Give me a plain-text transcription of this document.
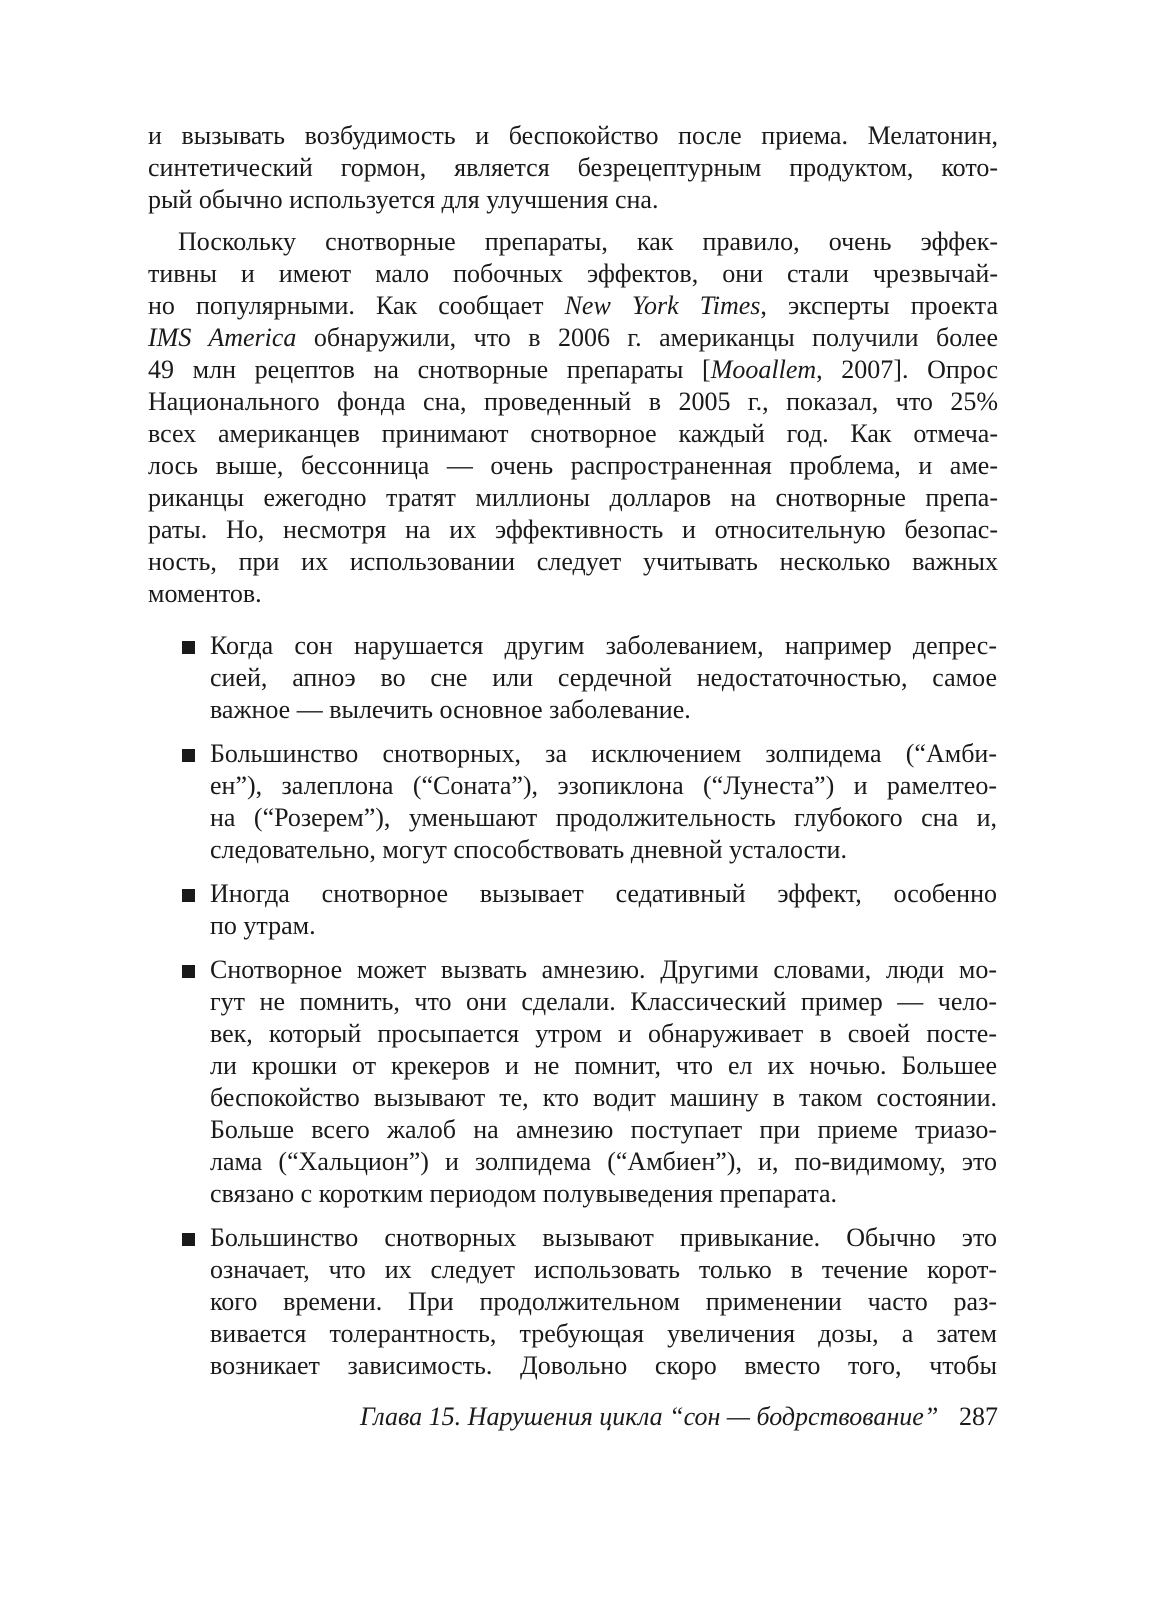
и вызывать возбудимость и беспокойство после приема. Мелатонин,
синтетический гормон, является безрецептурным продуктом, кото-
рый обычно используется для улучшения сна.
Поскольку снотворные препараты, как правило, очень эффек-
тивны и имеют мало побочных эффектов, они стали чрезвычай-
но популярными. Как сообщает New York Times, эксперты проекта
IMS America обнаружили, что в 2006 г. американцы получили более
49 млн рецептов на снотворные препараты [Mooallem, 2007]. Опрос
Национального фонда сна, проведенный в 2005 г., показал, что 25%
всех американцев принимают снотворное каждый год. Как отмеча-
лось выше, бессонница — очень распространенная проблема, и аме-
риканцы ежегодно тратят миллионы долларов на снотворные препа-
раты. Но, несмотря на их эффективность и относительную безопас-
ность, при их использовании следует учитывать несколько важных
моментов.
Когда сон нарушается другим заболеванием, например депрес-
сией, апноэ во сне или сердечной недостаточностью, самое
важное — вылечить основное заболевание.
Большинство снотворных, за исключением золпидема (“Амби-
ен”), залеплона (“Соната”), эзопиклона (“Лунеста”) и рамелтео-
на (“Розерем”), уменьшают продолжительность глубокого сна и,
следовательно, могут способствовать дневной усталости.
Иногда снотворное вызывает седативный эффект, особенно
по утрам.
Снотворное может вызвать амнезию. Другими словами, люди мо-
гут не помнить, что они сделали. Классический пример — чело-
век, который просыпается утром и обнаруживает в своей посте-
ли крошки от крекеров и не помнит, что ел их ночью. Большее
беспокойство вызывают те, кто водит машину в таком состоянии.
Больше всего жалоб на амнезию поступает при приеме триазо-
лама (“Хальцион”) и золпидема (“Амбиен”), и, по-видимому, это
связано с коротким периодом полувыведения препарата.
Большинство снотворных вызывают привыкание. Обычно это
означает, что их следует использовать только в течение корот-
кого времени. При продолжительном применении часто раз-
вивается толерантность, требующая увеличения дозы, а затем
возникает зависимость. Довольно скоро вместо того, чтобы
Глава 15. Нарушения цикла “сон — бодрствование” 287
